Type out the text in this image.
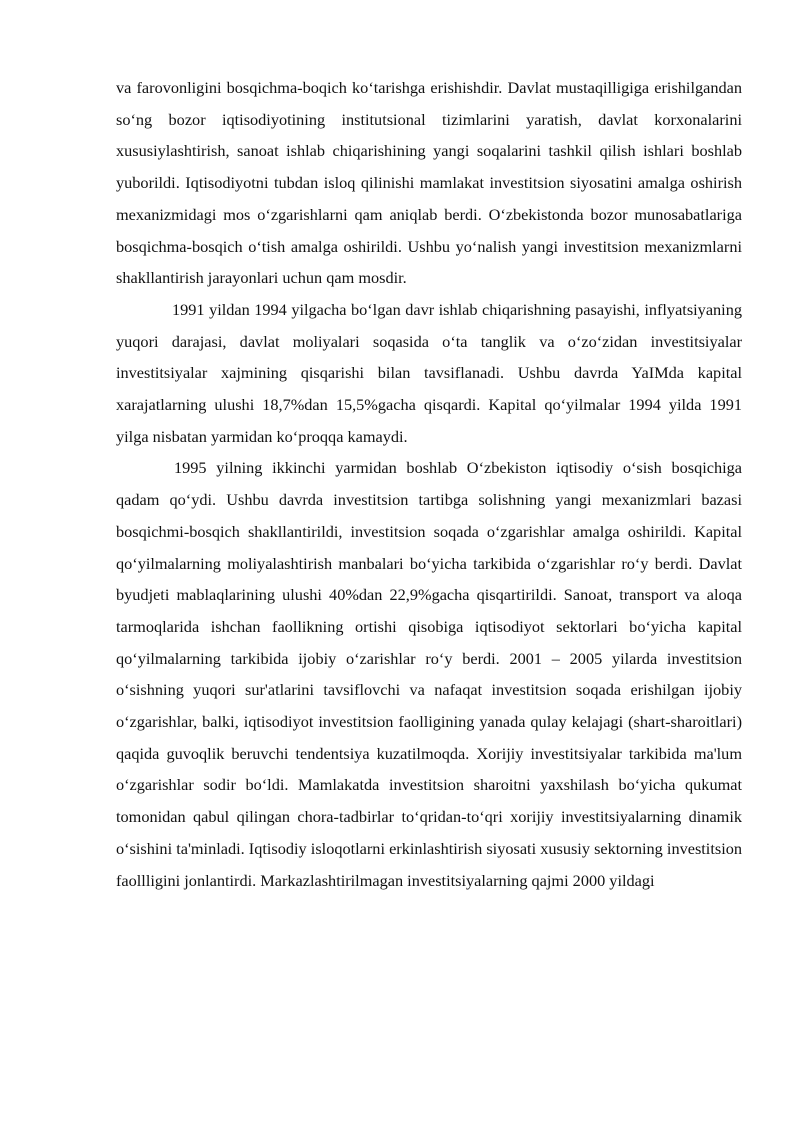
va farovonligini bosqichma-boqich ko‘tarishga erishishdir. Davlat mustaqilligiga erishilgandan so‘ng bozor iqtisodiyotining institutsional tizimlarini yaratish, davlat korxonalarini xususiylashtirish, sanoat ishlab chiqarishining yangi soqalarini tashkil qilish ishlari boshlab yuborildi. Iqtisodiyotni tubdan isloq qilinishi mamlakat investitsion siyosatini amalga oshirish mexanizmidagi mos o‘zgarishlarni qam aniqlab berdi. O‘zbekistonda bozor munosabatlariga bosqichma-bosqich o‘tish amalga oshirildi. Ushbu yo‘nalish yangi investitsion mexanizmlarni shakllantirish jarayonlari uchun qam mosdir.

1991 yildan 1994 yilgacha bo‘lgan davr ishlab chiqarishning pasayishi, inflyatsiyaning yuqori darajasi, davlat moliyalari soqasida o‘ta tanglik va o‘zo‘zidan investitsiyalar investitsiyalar xajmining qisqarishi bilan tavsiflanadi. Ushbu davrda YaIMda kapital xarajatlarning ulushi 18,7%dan 15,5%gacha qisqardi. Kapital qo‘yilmalar 1994 yilda 1991 yilga nisbatan yarmidan ko‘proqqa kamaydi.

1995 yilning ikkinchi yarmidan boshlab O‘zbekiston iqtisodiy o‘sish bosqichiga qadam qo‘ydi. Ushbu davrda investitsion tartibga solishning yangi mexanizmlari bazasi bosqichmi-bosqich shakllantirildi, investitsion soqada o‘zgarishlar amalga oshirildi. Kapital qo‘yilmalarning moliyalashtirish manbalari bo‘yicha tarkibida o‘zgarishlar ro‘y berdi. Davlat byudjeti mablaqlarining ulushi 40%dan 22,9%gacha qisqartirildi. Sanoat, transport va aloqa tarmoqlarida ishchan faollikning ortishi qisobiga iqtisodiyot sektorlari bo‘yicha kapital qo‘yilmalarning tarkibida ijobiy o‘zarishlar ro‘y berdi. 2001 – 2005 yilarda investitsion o‘sishning yuqori sur'atlarini tavsiflovchi va nafaqat investitsion soqada erishilgan ijobiy o‘zgarishlar, balki, iqtisodiyot investitsion faolligining yanada qulay kelajagi (shart-sharoitlari) qaqida guvoqlik beruvchi tendentsiya kuzatilmoqda. Xorijiy investitsiyalar tarkibida ma'lum o‘zgarishlar sodir bo‘ldi. Mamlakatda investitsion sharoitni yaxshilash bo‘yicha qukumat tomonidan qabul qilingan chora-tadbirlar to‘qridan-to‘qri xorijiy investitsiyalarning dinamik o‘sishini ta'minladi. Iqtisodiy isloqotlarni erkinlashtirish siyosati xususiy sektorning investitsion faollligini jonlantirdi. Markazlashtirilmagan investitsiyalarning qajmi 2000 yildagi
